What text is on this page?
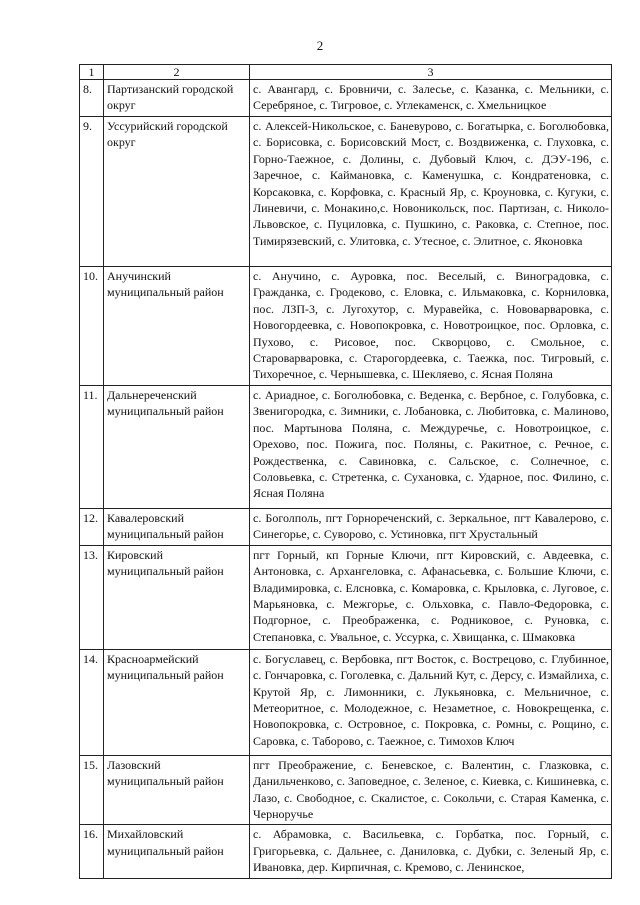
2
1	2	3
8.	Партизанский городской округ	с. Авангард, с. Бровничи, с. Залесье, с. Казанка, с. Мельники, с. Серебряное, с. Тигровое, с. Углекаменск, с. Хмельницкое
9.	Уссурийский городской округ	с. Алексей-Никольское, с. Баневурово, с. Богатырка, с. Боголюбовка, с. Борисовка, с. Борисовский Мост, с. Воздвиженка, с. Глуховка, с. Горно-Таежное, с. Долины, с. Дубовый Ключ, с. ДЭУ-196, с. Заречное, с. Каймановка, с. Каменушка, с. Кондратеновка, с. Корсаковка, с. Корфовка, с. Красный Яр, с. Кроуновка, с. Кугуки, с. Линевичи, с. Монакино,с. Новоникольск, пос. Партизан, с. Николо-Львовское, с. Пуциловка, с. Пушкино, с. Раковка, с. Степное, пос. Тимирязевский, с. Улитовка, с. Утесное, с. Элитное, с. Яконовка
10.	Анучинский муниципальный район	с. Анучино, с. Ауровка, пос. Веселый, с. Виноградовка, с. Гражданка, с. Гродеково, с. Еловка, с. Ильмаковка, с. Корниловка, пос. ЛЗП-3, с. Лугохутор, с. Муравейка, с. Нововарваровка, с. Новогордеевка, с. Новопокровка, с. Новотроицкое, пос. Орловка, с. Пухово, с. Рисовое, пос. Скворцово, с. Смольное, с. Староварваровка, с. Старогордеевка, с. Таежка, пос. Тигровый, с. Тихоречное, с. Чернышевка, с. Шекляево, с. Ясная Поляна
11.	Дальнереченский муниципальный район	с. Ариадное, с. Боголюбовка, с. Веденка, с. Вербное, с. Голубовка, с. Звенигородка, с. Зимники, с. Лобановка, с. Любитовка, с. Малиново, пос. Мартынова Поляна, с. Междуречье, с. Новотроицкое, с. Орехово, пос. Пожига, пос. Поляны, с. Ракитное, с. Речное, с. Рождественка, с. Савиновка, с. Сальское, с. Солнечное, с. Соловьевка, с. Стретенка, с. Сухановка, с. Ударное, пос. Филино, с. Ясная Поляна
12.	Кавалеровский муниципальный район	с. Боголполь, пгт Горнореченский, с. Зеркальное, пгт Кавалерово, с. Синегорье, с. Суворово, с. Устиновка, пгт Хрустальный
13.	Кировский муниципальный район	пгт Горный, кп Горные Ключи, пгт Кировский, с. Авдеевка, с. Антоновка, с. Архангеловка, с. Афанасьевка, с. Большие Ключи, с. Владимировка, с. Елсновка, с. Комаровка, с. Крыловка, с. Луговое, с. Марьяновка, с. Межгорье, с. Ольховка, с. Павло-Федоровка, с. Подгорное, с. Преображенка, с. Родниковое, с. Руновка, с. Степановка, с. Увальное, с. Уссурка, с. Хвищанка, с. Шмаковка
14.	Красноармейский муниципальный район	с. Богуславец, с. Вербовка, пгт Восток, с. Вострецово, с. Глубинное, с. Гончаровка, с. Гоголевка, с. Дальний Кут, с. Дерсу, с. Измайлиха, с. Крутой Яр, с. Лимонники, с. Лукьяновка, с. Мельничное, с. Метеоритное, с. Молодежное, с. Незаметное, с. Новокрещенка, с. Новопокровка, с. Островное, с. Покровка, с. Ромны, с. Рощино, с. Саровка, с. Таборово, с. Таежное, с. Тимохов Ключ
15.	Лазовский муниципальный район	пгт Преображение, с. Беневское, с. Валентин, с. Глазковка, с. Данильченково, с. Заповедное, с. Зеленое, с. Киевка, с. Кишиневка, с. Лазо, с. Свободное, с. Скалистое, с. Сокольчи, с. Старая Каменка, с. Черноручье
16.	Михайловский муниципальный район	с. Абрамовка, с. Васильевка, с. Горбатка, пос. Горный, с. Григорьевка, с. Дальнее, с. Даниловка, с. Дубки, с. Зеленый Яр, с. Ивановка, дер. Кирпичная, с. Кремово, с. Ленинское,
